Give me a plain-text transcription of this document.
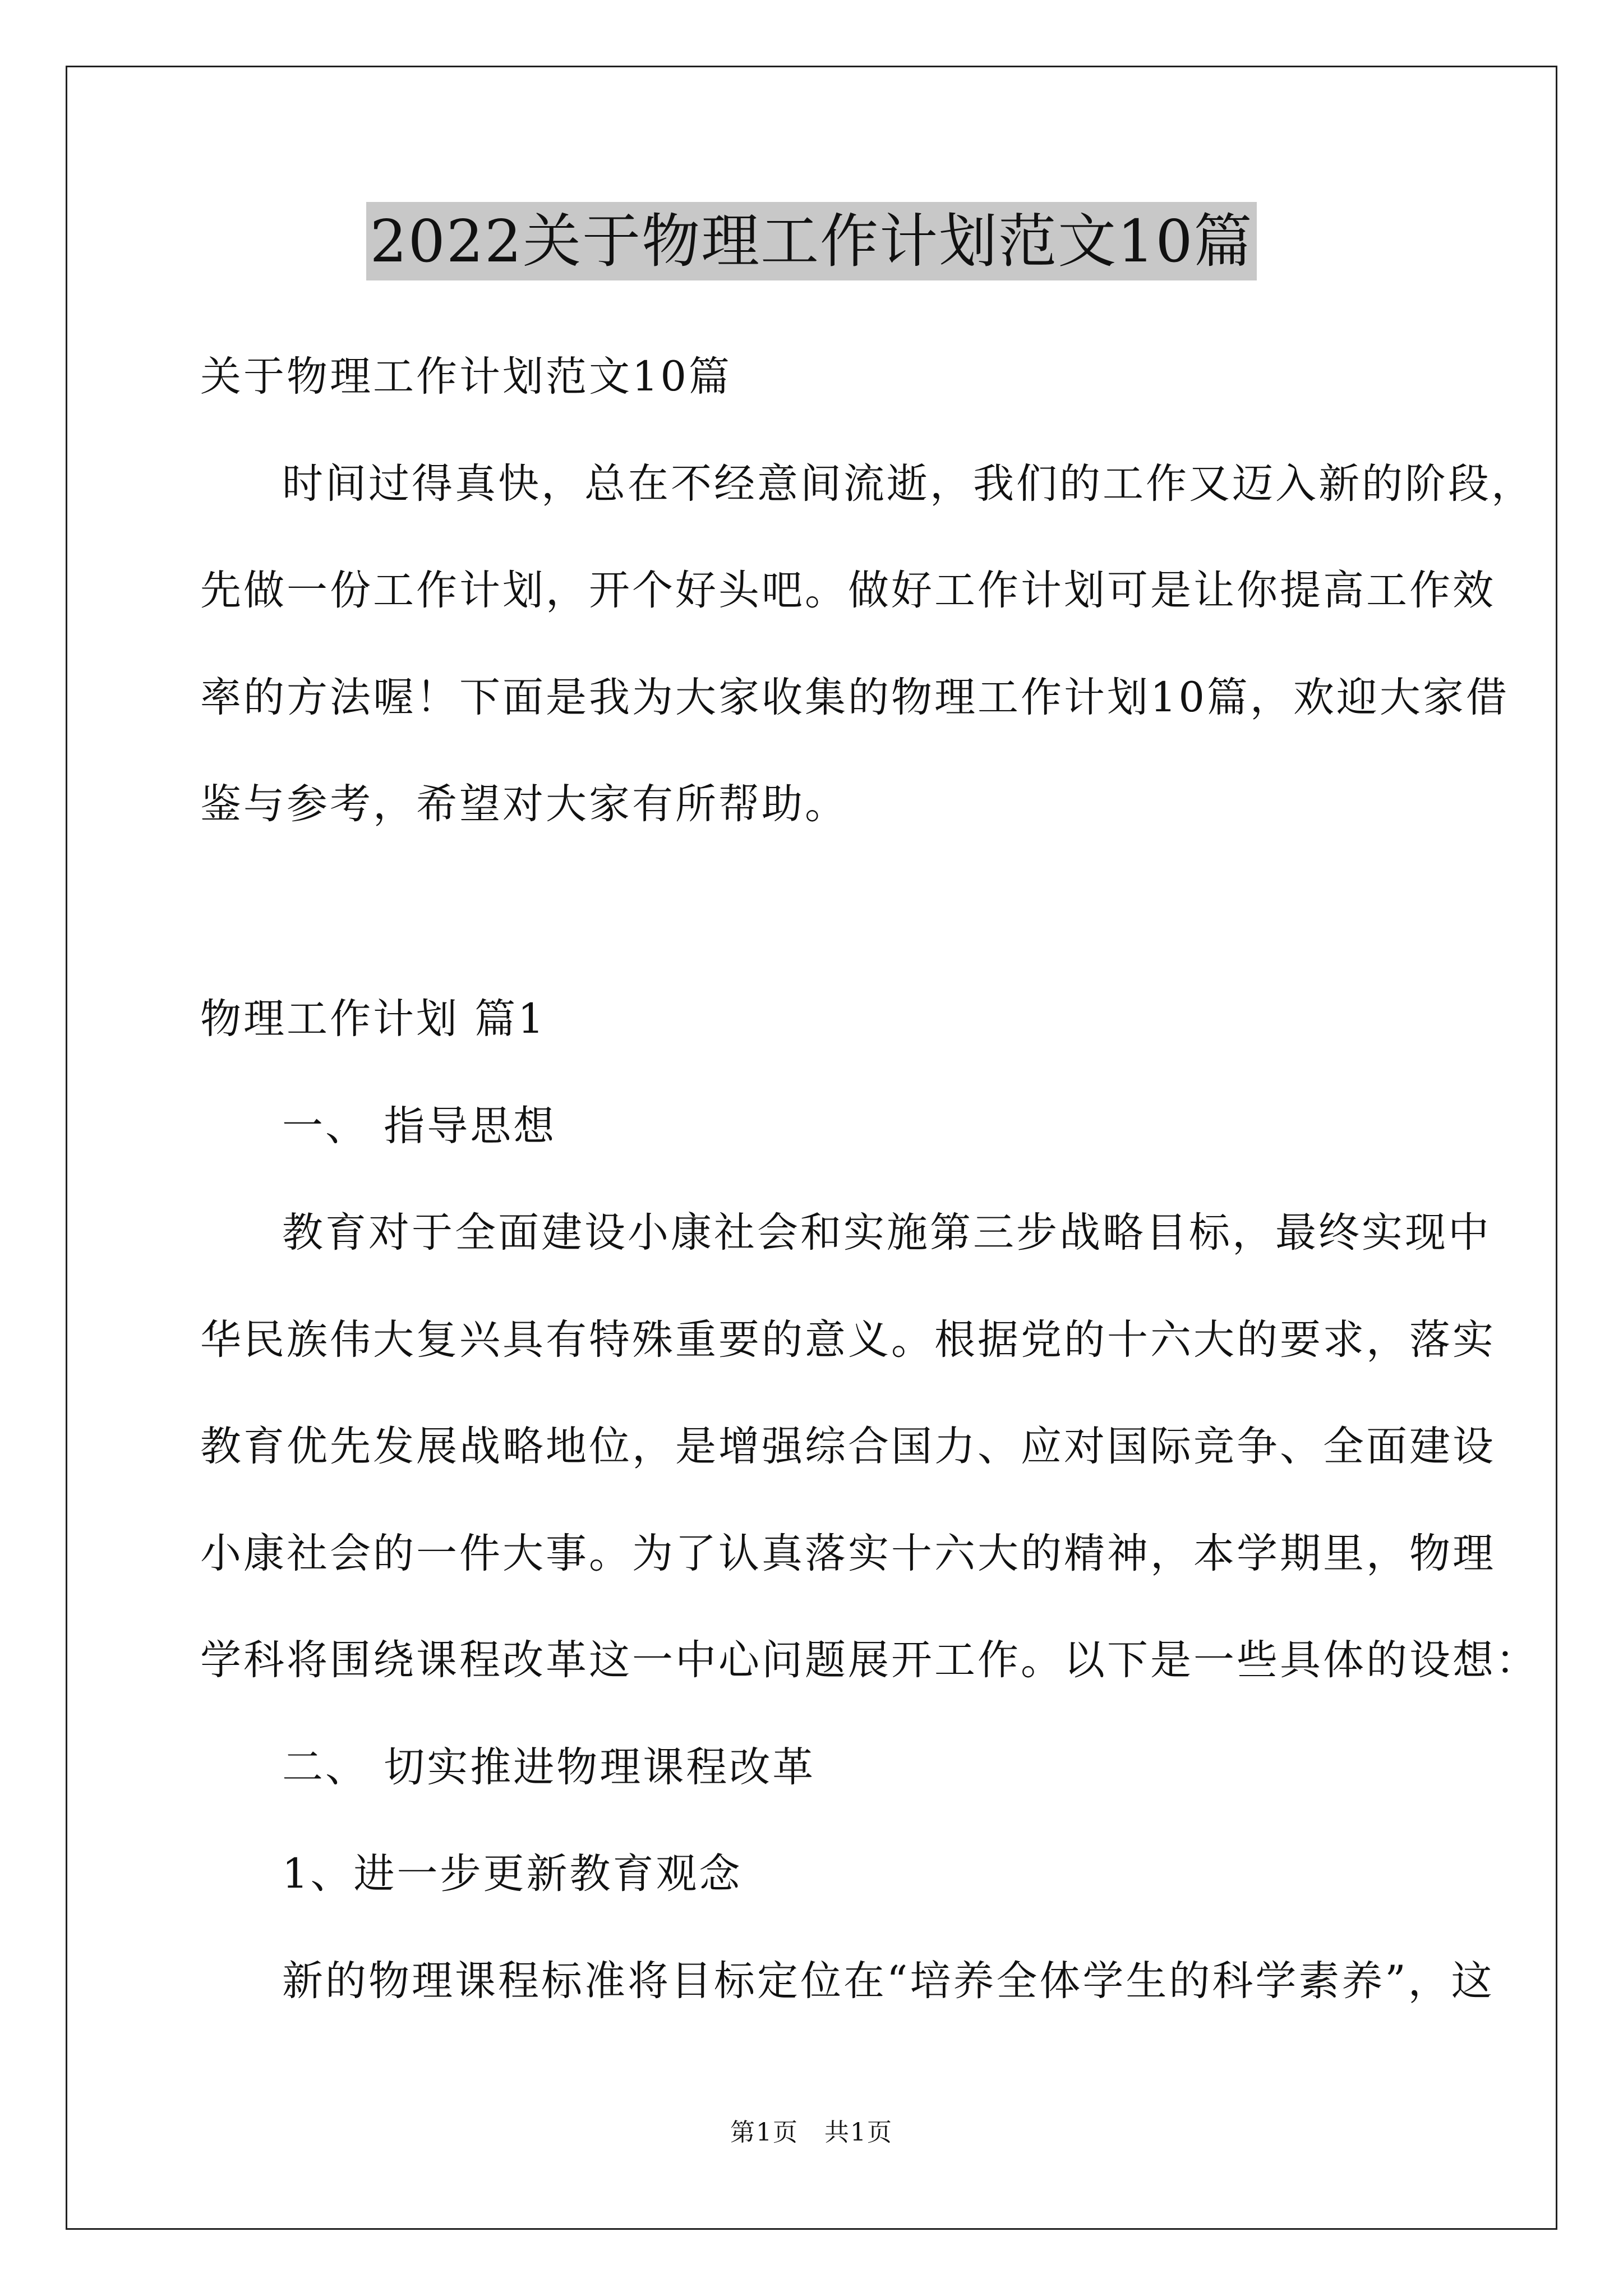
2022关于物理工作计划范文10篇
关于物理工作计划范文10篇
时间过得真快，总在不经意间流逝，我们的工作又迈入新的阶段，
先做一份工作计划，开个好头吧。做好工作计划可是让你提高工作效
率的方法喔！下面是我为大家收集的物理工作计划10篇，欢迎大家借
鉴与参考，希望对大家有所帮助。
物理工作计划 篇1
一、 指导思想
教育对于全面建设小康社会和实施第三步战略目标，最终实现中
华民族伟大复兴具有特殊重要的意义。根据党的十六大的要求，落实
教育优先发展战略地位，是增强综合国力、应对国际竞争、全面建设
小康社会的一件大事。为了认真落实十六大的精神，本学期里，物理
学科将围绕课程改革这一中心问题展开工作。以下是一些具体的设想：
二、 切实推进物理课程改革
1、进一步更新教育观念
新的物理课程标准将目标定位在“培养全体学生的科学素养”，这
第1页　共1页
